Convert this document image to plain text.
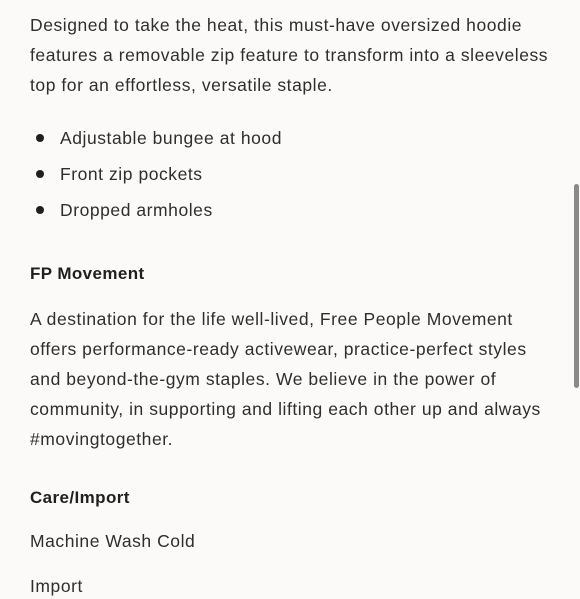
Designed to take the heat, this must-have oversized hoodie features a removable zip feature to transform into a sleeveless top for an effortless, versatile staple.

Adjustable bungee at hood
Front zip pockets
Dropped armholes
FP Movement

A destination for the life well-lived, Free People Movement offers performance-ready activewear, practice-perfect styles and beyond-the-gym staples. We believe in the power of community, in supporting and lifting each other up and always #movingtogether.

Care/Import

Machine Wash Cold

Import
